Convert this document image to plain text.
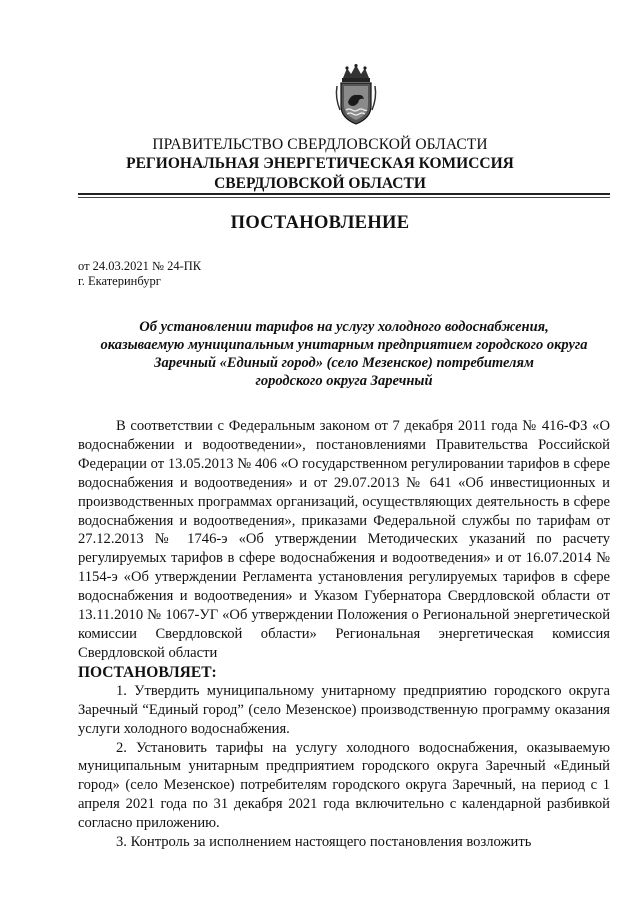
ПРАВИТЕЛЬСТВО СВЕРДЛОВСКОЙ ОБЛАСТИ
РЕГИОНАЛЬНАЯ ЭНЕРГЕТИЧЕСКАЯ КОМИССИЯ
СВЕРДЛОВСКОЙ ОБЛАСТИ
ПОСТАНОВЛЕНИЕ
от 24.03.2021 № 24-ПК
г. Екатеринбург
Об установлении тарифов на услугу холодного водоснабжения,
оказываемую муниципальным унитарным предприятием городского округа
Заречный «Единый город» (село Мезенское) потребителям
городского округа Заречный

В соответствии с Федеральным законом от 7 декабря 2011 года № 416-ФЗ «О водоснабжении и водоотведении», постановлениями Правительства Российской Федерации от 13.05.2013 № 406 «О государственном регулировании тарифов в сфере водоснабжения и водоотведения» и от 29.07.2013 № 641 «Об инвестиционных и производственных программах организаций, осуществляющих деятельность в сфере водоснабжения и водоотведения», приказами Федеральной службы по тарифам от 27.12.2013 № 1746-э «Об утверждении Методических указаний по расчету регулируемых тарифов в сфере водоснабжения и водоотведения» и от 16.07.2014 № 1154-э «Об утверждении Регламента установления регулируемых тарифов в сфере водоснабжения и водоотведения» и Указом Губернатора Свердловской области от 13.11.2010 № 1067-УГ «Об утверждении Положения о Региональной энергетической комиссии Свердловской области» Региональная энергетическая комиссия Свердловской области

ПОСТАНОВЛЯЕТ:

1. Утвердить муниципальному унитарному предприятию городского округа Заречный “Единый город” (село Мезенское) производственную программу оказания услуги холодного водоснабжения.

2. Установить тарифы на услугу холодного водоснабжения, оказываемую муниципальным унитарным предприятием городского округа Заречный «Единый город» (село Мезенское) потребителям городского округа Заречный, на период с 1 апреля 2021 года по 31 декабря 2021 года включительно с календарной разбивкой согласно приложению.

3. Контроль за исполнением настоящего постановления возложить
